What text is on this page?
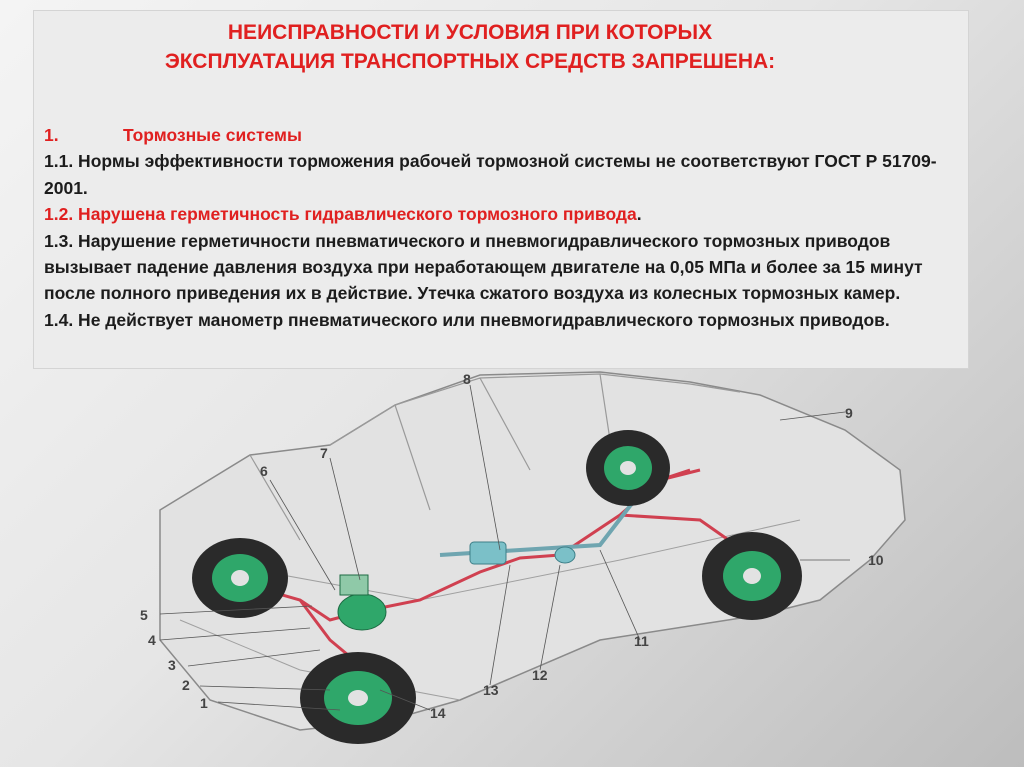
НЕИСПРАВНОСТИ И УСЛОВИЯ ПРИ КОТОРЫХ
ЭКСПЛУАТАЦИЯ ТРАНСПОРТНЫХ СРЕДСТВ ЗАПРЕШЕНА:

1.	Тормозные системы

1.1. Нормы эффективности торможения рабочей тормозной системы не соответствуют ГОСТ Р 51709-2001.

1.2. Нарушена герметичность гидравлического тормозного привода.

1.3. Нарушение герметичности пневматического и пневмогидравлического тормозных приводов вызывает падение давления воздуха при неработающем двигателе на 0,05 МПа и более за 15 минут после полного приведения их в действие. Утечка сжатого воздуха из колесных тормозных камер.

1.4. Не действует манометр пневматического или пневмогидравлического тормозных приводов.

1
2
3
4
5
6
7
8
9
10
11
12
13
14
